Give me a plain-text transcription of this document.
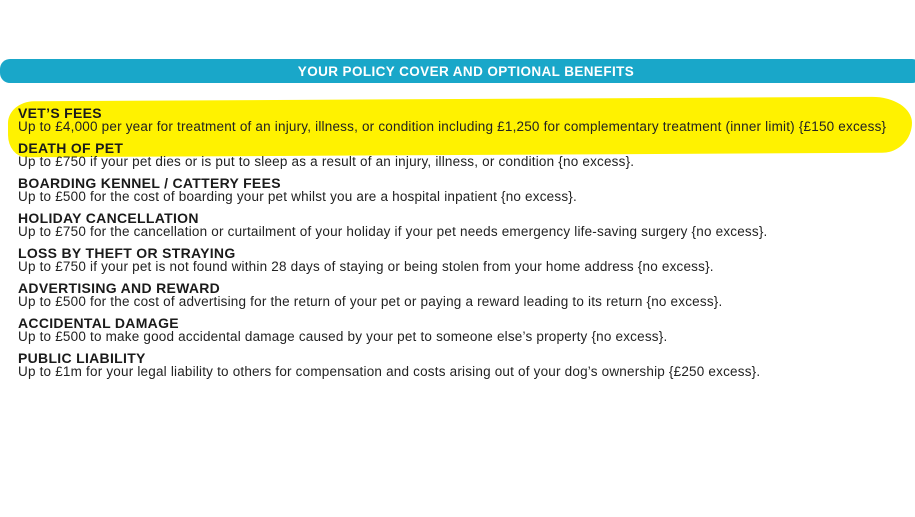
YOUR POLICY COVER AND OPTIONAL BENEFITS
VET’S FEES
Up to £4,000 per year for treatment of an injury, illness, or condition including £1,250 for complementary treatment (inner limit) {£150 excess}
DEATH OF PET
Up to £750 if your pet dies or is put to sleep as a result of an injury, illness, or condition {no excess}.
BOARDING KENNEL / CATTERY FEES
Up to £500 for the cost of boarding your pet whilst you are a hospital inpatient {no excess}.
HOLIDAY CANCELLATION
Up to £750 for the cancellation or curtailment of your holiday if your pet needs emergency life-saving surgery {no excess}.
LOSS BY THEFT OR STRAYING
Up to £750 if your pet is not found within 28 days of staying or being stolen from your home address {no excess}.
ADVERTISING AND REWARD
Up to £500 for the cost of advertising for the return of your pet or paying a reward leading to its return {no excess}.
ACCIDENTAL DAMAGE
Up to £500 to make good accidental damage caused by your pet to someone else’s property {no excess}.
PUBLIC LIABILITY
Up to £1m for your legal liability to others for compensation and costs arising out of your dog’s ownership {£250 excess}.
